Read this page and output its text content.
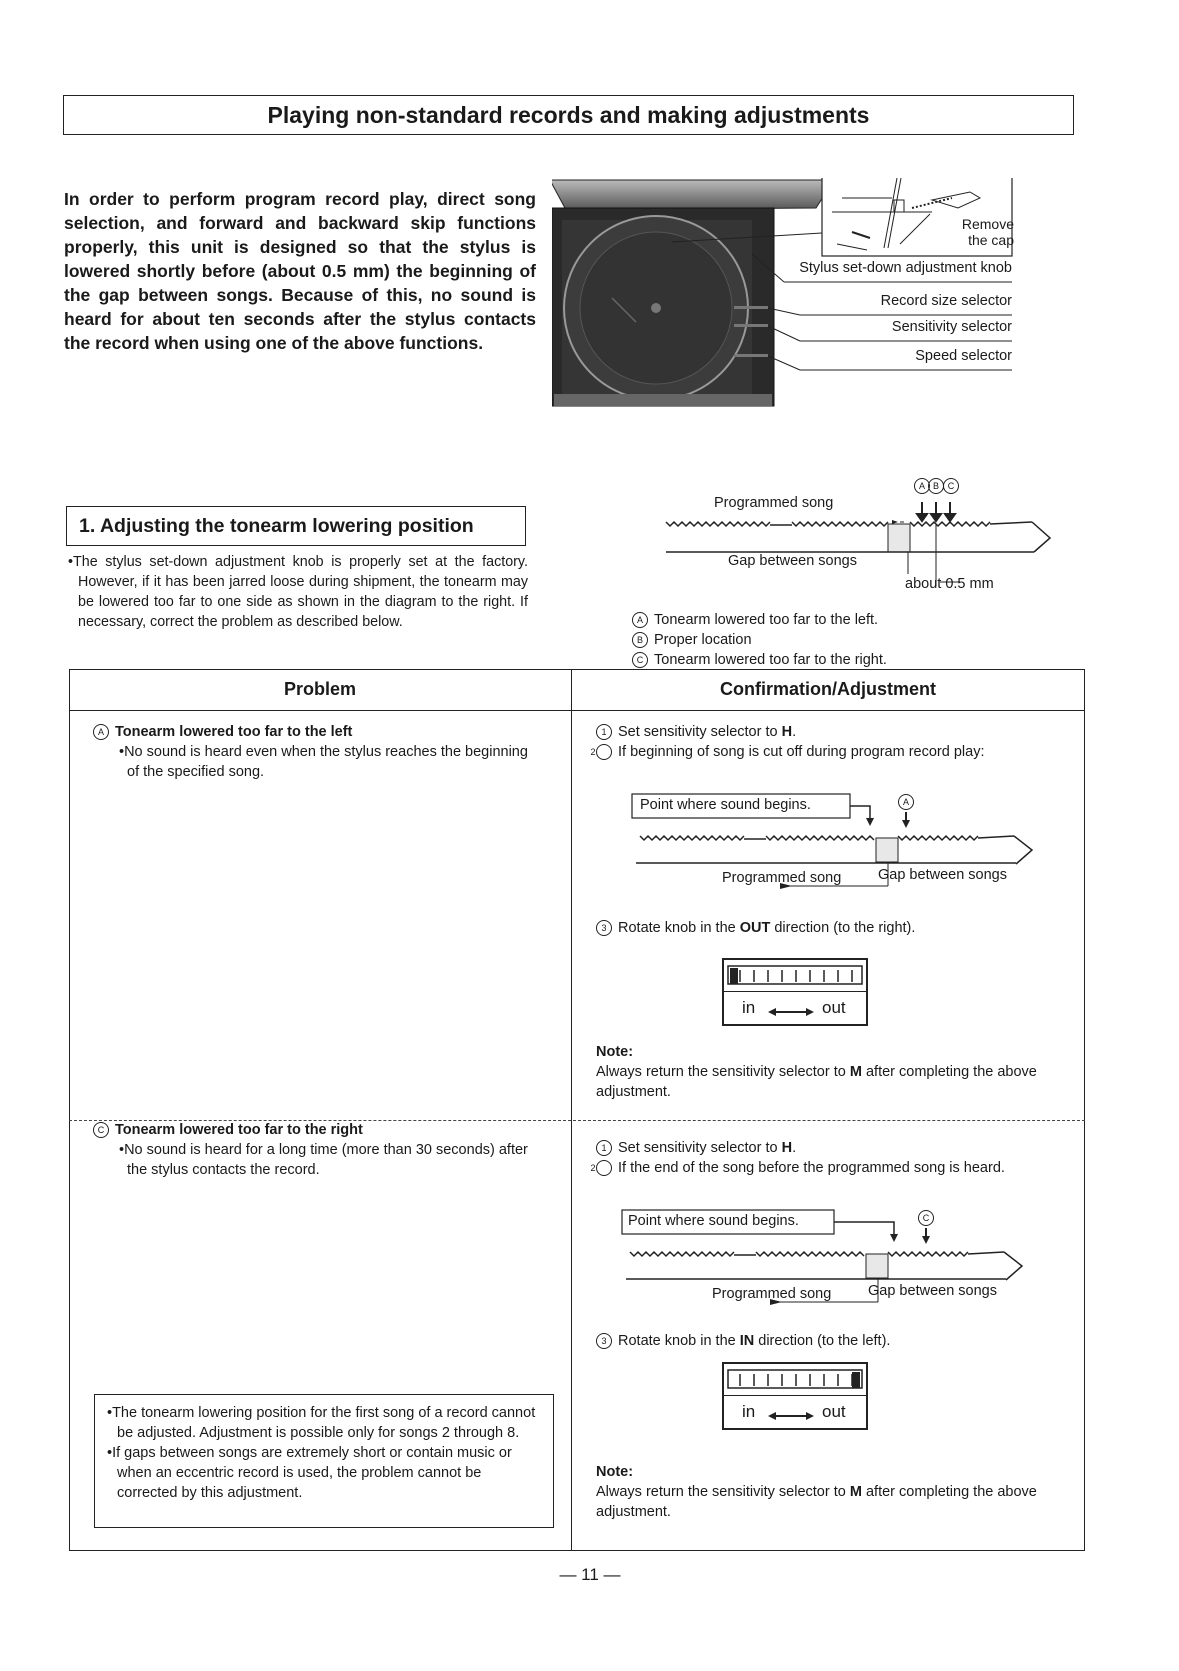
Playing non-standard records and making adjustments
In order to perform program record play, direct song selection, and forward and backward skip functions properly, this unit is designed so that the stylus is lowered shortly before (about 0.5 mm) the beginning of the gap between songs. Because of this, no sound is heard for about ten seconds after the stylus contacts the record when using one of the above functions.
Remove
the cap
Stylus set-down adjustment knob
Record size selector
Sensitivity selector
Speed selector
1. Adjusting the tonearm lowering position

•The stylus set-down adjustment knob is properly set at the factory. However, if it has been jarred loose during shipment, the tonearm may be lowered too far to one side as shown in the diagram to the right. If necessary, correct the problem as described below.

A B C
Programmed song
Gap between songs
about 0.5 mm
A Tonearm lowered too far to the left.
B Proper location
C Tonearm lowered too far to the right.
Problem	Confirmation/Adjustment
A Tonearm lowered too far to the left
•No sound is heard even when the stylus reaches the beginning of the specified song.
1 Set sensitivity selector to H.
2 If beginning of song is cut off during program record play:
Point where sound begins.	A
Programmed song	Gap between songs
3 Rotate knob in the OUT direction (to the right).
in	out
Note:
Always return the sensitivity selector to M after completing the above adjustment.
C Tonearm lowered too far to the right
•No sound is heard for a long time (more than 30 seconds) after the stylus contacts the record.
1 Set sensitivity selector to H.
2 If the end of the song before the programmed song is heard.
Point where sound begins.	C
Programmed song	Gap between songs
3 Rotate knob in the IN direction (to the left).
in	out
Note:
Always return the sensitivity selector to M after completing the above adjustment.

•The tonearm lowering position for the first song of a record cannot be adjusted. Adjustment is possible only for songs 2 through 8.

•If gaps between songs are extremely short or contain music or when an eccentric record is used, the problem cannot be corrected by this adjustment.

— 11 —
